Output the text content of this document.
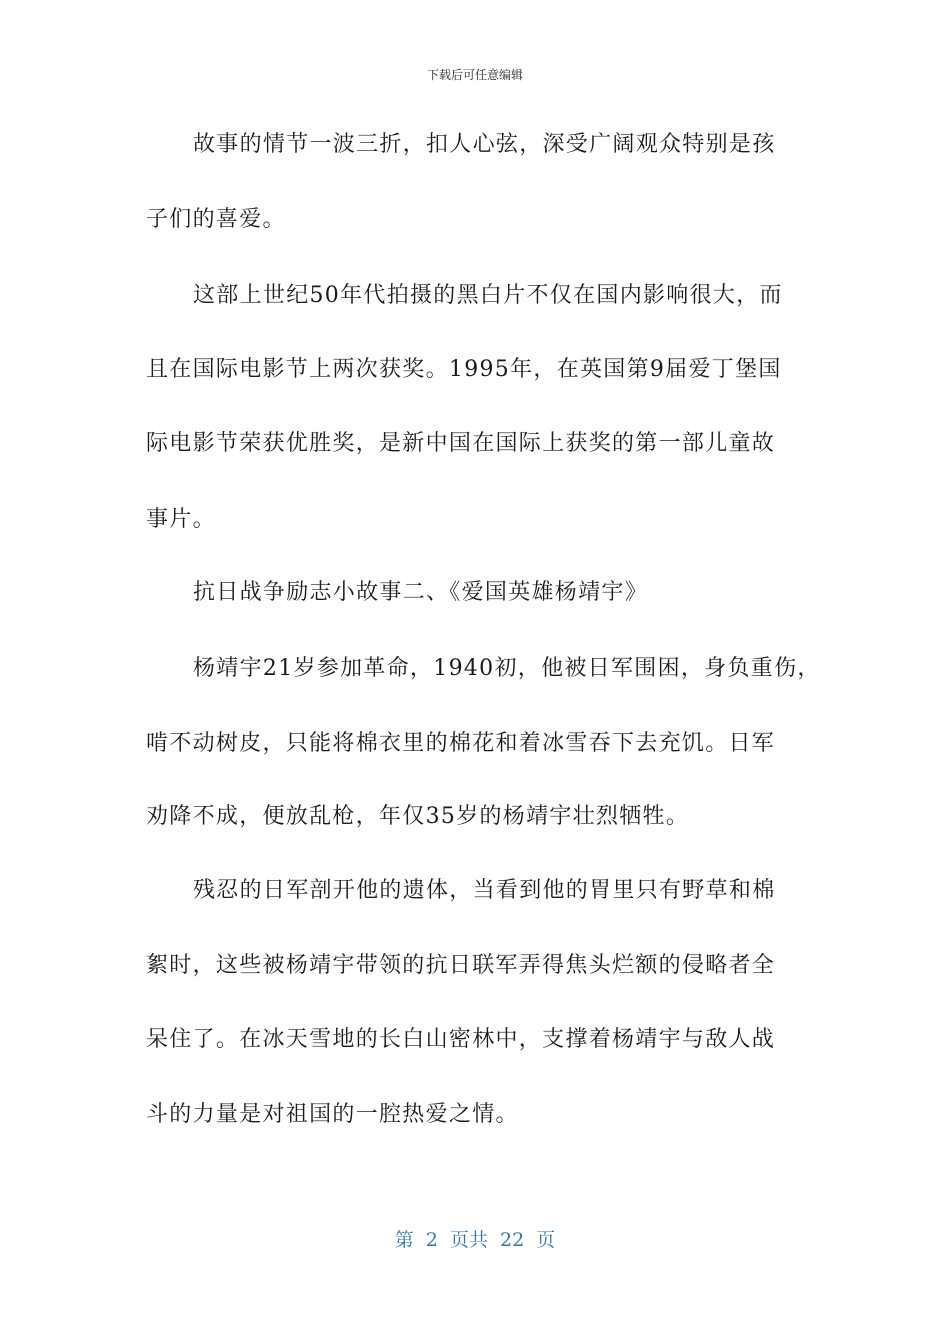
下载后可任意编辑
故事的情节一波三折，扣人心弦，深受广阔观众特别是孩
子们的喜爱。
这部上世纪50年代拍摄的黑白片不仅在国内影响很大，而
且在国际电影节上两次获奖。1995年，在英国第9届爱丁堡国
际电影节荣获优胜奖，是新中国在国际上获奖的第一部儿童故
事片。
抗日战争励志小故事二、《爱国英雄杨靖宇》
杨靖宇21岁参加革命，1940初，他被日军围困，身负重伤，
啃不动树皮，只能将棉衣里的棉花和着冰雪吞下去充饥。日军
劝降不成，便放乱枪，年仅35岁的杨靖宇壮烈牺牲。
残忍的日军剖开他的遗体，当看到他的胃里只有野草和棉
絮时，这些被杨靖宇带领的抗日联军弄得焦头烂额的侵略者全
呆住了。在冰天雪地的长白山密林中，支撑着杨靖宇与敌人战
斗的力量是对祖国的一腔热爱之情。
第  2  页共  22  页
